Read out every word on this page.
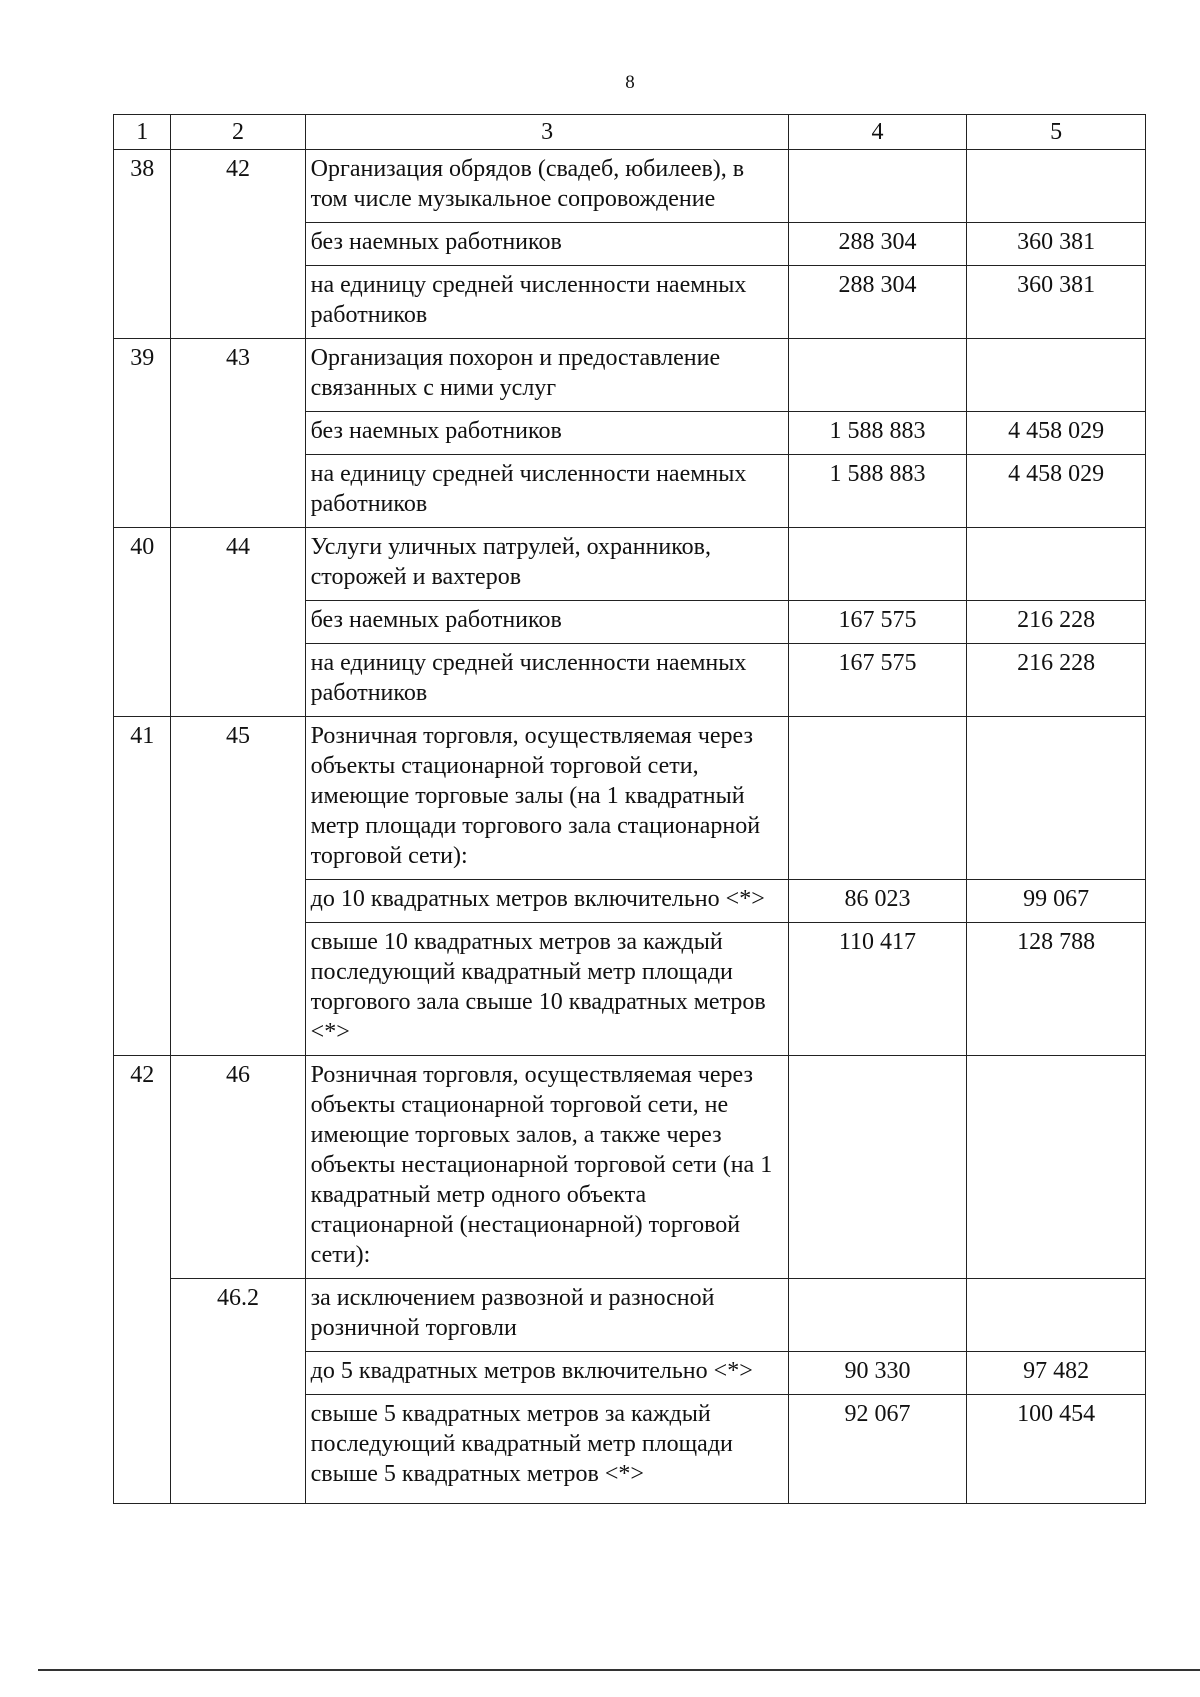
8
1	2	3	4	5
38	42	Организация обрядов (свадеб, юбилеев), в том числе музыкальное сопровождение		
		без наемных работников	288 304	360 381
		на единицу средней численности наемных работников	288 304	360 381
39	43	Организация похорон и предоставление связанных с ними услуг		
		без наемных работников	1 588 883	4 458 029
		на единицу средней численности наемных работников	1 588 883	4 458 029
40	44	Услуги уличных патрулей, охранников, сторожей и вахтеров		
		без наемных работников	167 575	216 228
		на единицу средней численности наемных работников	167 575	216 228
41	45	Розничная торговля, осуществляемая через объекты стационарной торговой сети, имеющие торговые залы (на 1 квадратный метр площади торгового зала стационарной торговой сети):		
		до 10 квадратных метров включительно <*>	86 023	99 067
		свыше 10 квадратных метров за каждый последующий квадратный метр площади торгового зала свыше 10 квадратных метров <*>	110 417	128 788
42	46	Розничная торговля, осуществляемая через объекты стационарной торговой сети, не имеющие торговых залов, а также через объекты нестационарной торговой сети (на 1 квадратный метр одного объекта стационарной (нестационарной) торговой сети):		
	46.2	за исключением развозной и разносной розничной торговли		
		до 5 квадратных метров включительно <*>	90 330	97 482
		свыше 5 квадратных метров за каждый последующий квадратный метр площади свыше 5 квадратных метров <*>	92 067	100 454
